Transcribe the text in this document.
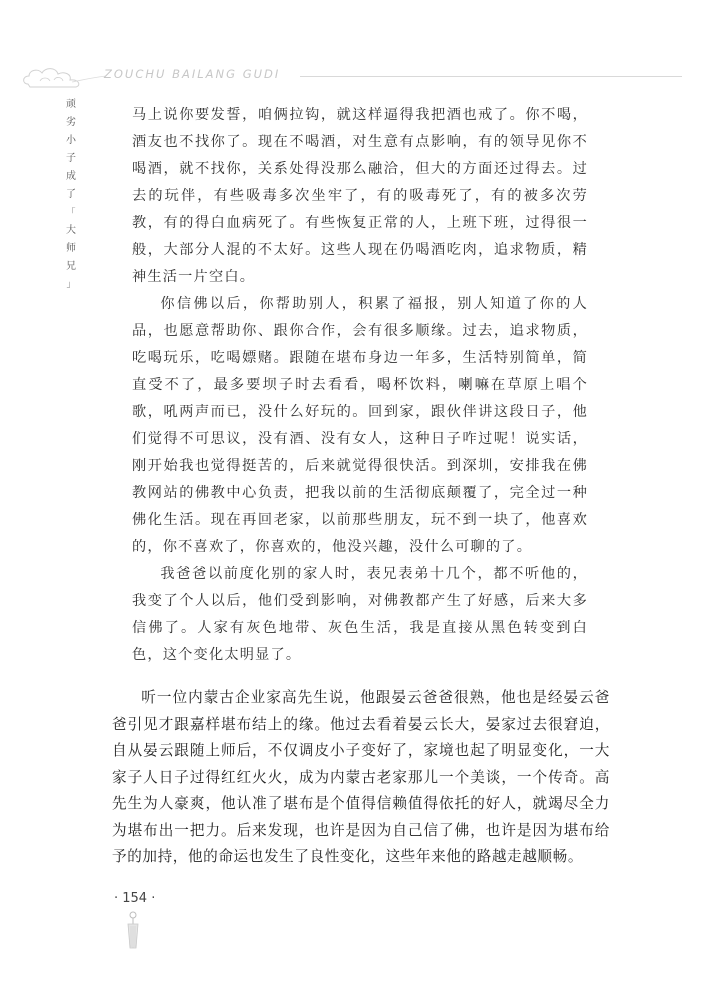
ZOUCHU BAILANG GUDI
顽
劣
小
子
成
了
「
大
师
兄
」

马上说你要发誓，咱俩拉钩，就这样逼得我把酒也戒了。你不喝，酒友也不找你了。现在不喝酒，对生意有点影响，有的领导见你不喝酒，就不找你，关系处得没那么融洽，但大的方面还过得去。过去的玩伴，有些吸毒多次坐牢了，有的吸毒死了，有的被多次劳教，有的得白血病死了。有些恢复正常的人，上班下班，过得很一般，大部分人混的不太好。这些人现在仍喝酒吃肉，追求物质，精神生活一片空白。

你信佛以后，你帮助别人，积累了福报，别人知道了你的人品，也愿意帮助你、跟你合作，会有很多顺缘。过去，追求物质，吃喝玩乐，吃喝嫖赌。跟随在堪布身边一年多，生活特别简单，简直受不了，最多要坝子时去看看，喝杯饮料，喇嘛在草原上唱个歌，吼两声而已，没什么好玩的。回到家，跟伙伴讲这段日子，他们觉得不可思议，没有酒、没有女人，这种日子咋过呢！说实话，刚开始我也觉得挺苦的，后来就觉得很快活。到深圳，安排我在佛教网站的佛教中心负责，把我以前的生活彻底颠覆了，完全过一种佛化生活。现在再回老家，以前那些朋友，玩不到一块了，他喜欢的，你不喜欢了，你喜欢的，他没兴趣，没什么可聊的了。

我爸爸以前度化别的家人时，表兄表弟十几个，都不听他的，我变了个人以后，他们受到影响，对佛教都产生了好感，后来大多信佛了。人家有灰色地带、灰色生活，我是直接从黑色转变到白色，这个变化太明显了。

听一位内蒙古企业家高先生说，他跟晏云爸爸很熟，他也是经晏云爸爸引见才跟嘉样堪布结上的缘。他过去看着晏云长大，晏家过去很窘迫，自从晏云跟随上师后，不仅调皮小子变好了，家境也起了明显变化，一大家子人日子过得红红火火，成为内蒙古老家那儿一个美谈，一个传奇。高先生为人豪爽，他认准了堪布是个值得信赖值得依托的好人，就竭尽全力为堪布出一把力。后来发现，也许是因为自己信了佛，也许是因为堪布给予的加持，他的命运也发生了良性变化，这些年来他的路越走越顺畅。

· 154 ·
